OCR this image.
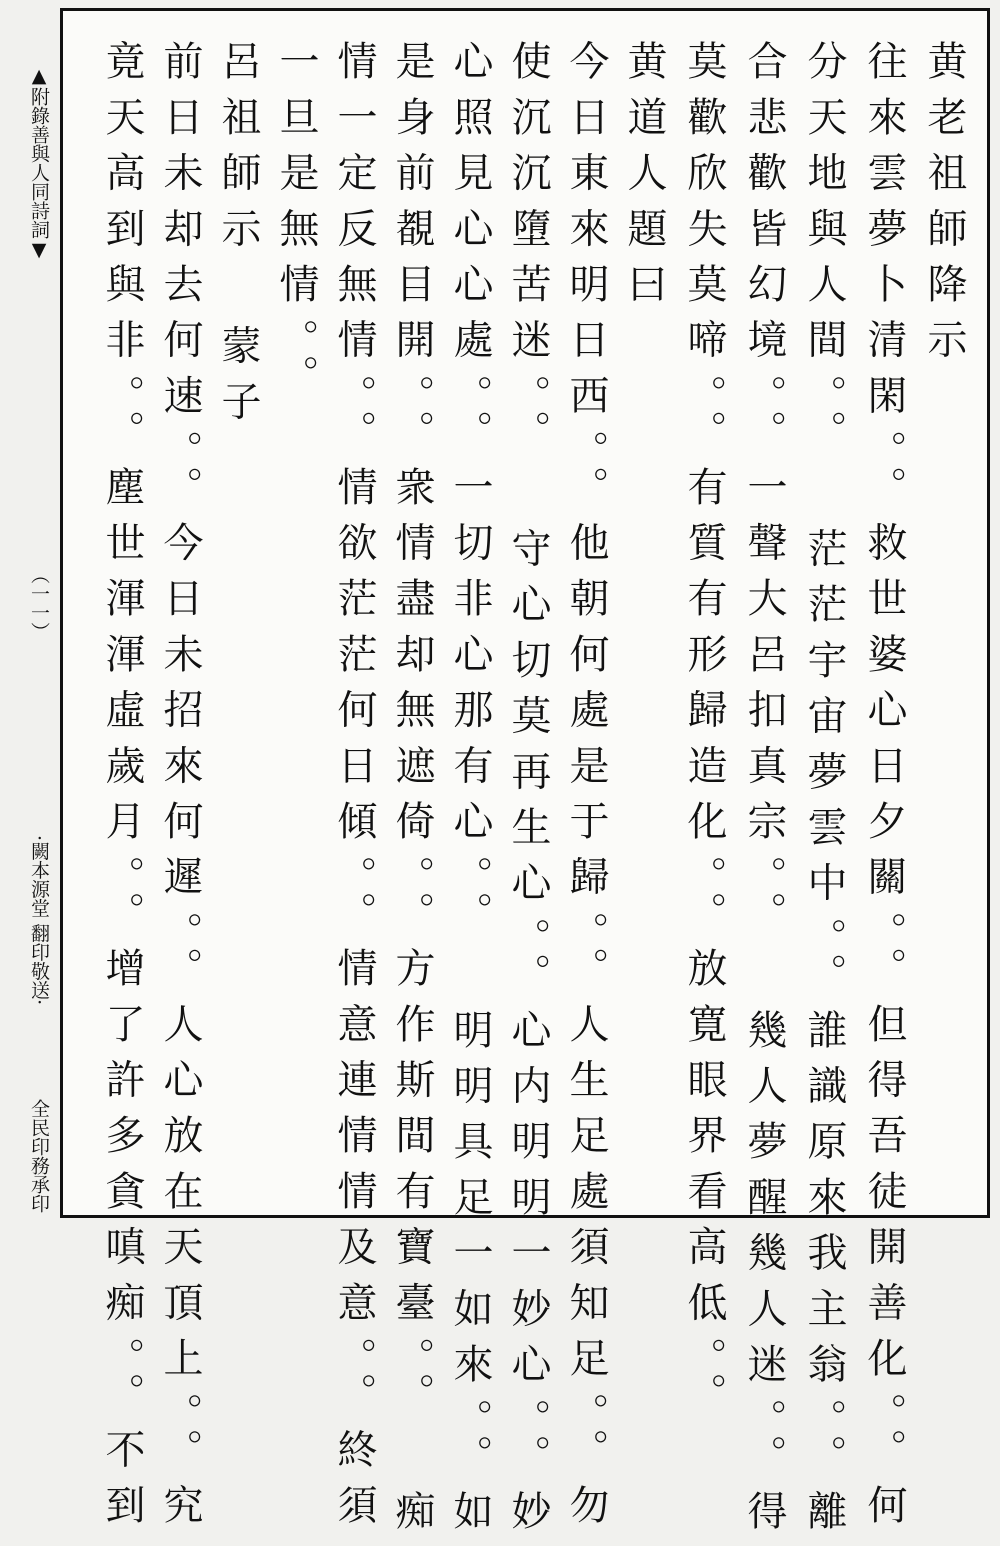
▲附錄善與人同詩詞▼
（一一）
·闕本源堂 翻印敬送·
全民印務承印
黄老祖師降示
往來雲夢卜清閑。。救世婆心日夕關。。但得吾徒開善化。。何
分天地與人間。。 茫茫宇宙夢雲中。。誰識原來我主翁。。離
合悲歡皆幻境。。一聲大呂扣真宗。。 幾人夢醒幾人迷。。得
莫歡欣失莫啼。。有質有形歸造化。。放寛眼界看高低。。
黄道人題曰
今日東來明日西。。他朝何處是于歸。。人生足處須知足。。勿
使沉沉墮苦迷。。 守心切莫再生心。。心内明明一妙心。。妙
心照見心心處。。一切非心那有心。。 明明具足一如來。。如
是身前覩目開。。衆情盡却無遮倚。。方作斯間有寶臺。。 痴
情一定反無情。。情欲茫茫何日傾。。情意連情情及意。。終須
一旦是無情。。
呂祖師示 蒙子
前日未却去何速。。今日未招來何遲。。人心放在天頂上。。究
竟天高到與非。。塵世渾渾虛歲月。。增了許多貪嗔痴。。不到
